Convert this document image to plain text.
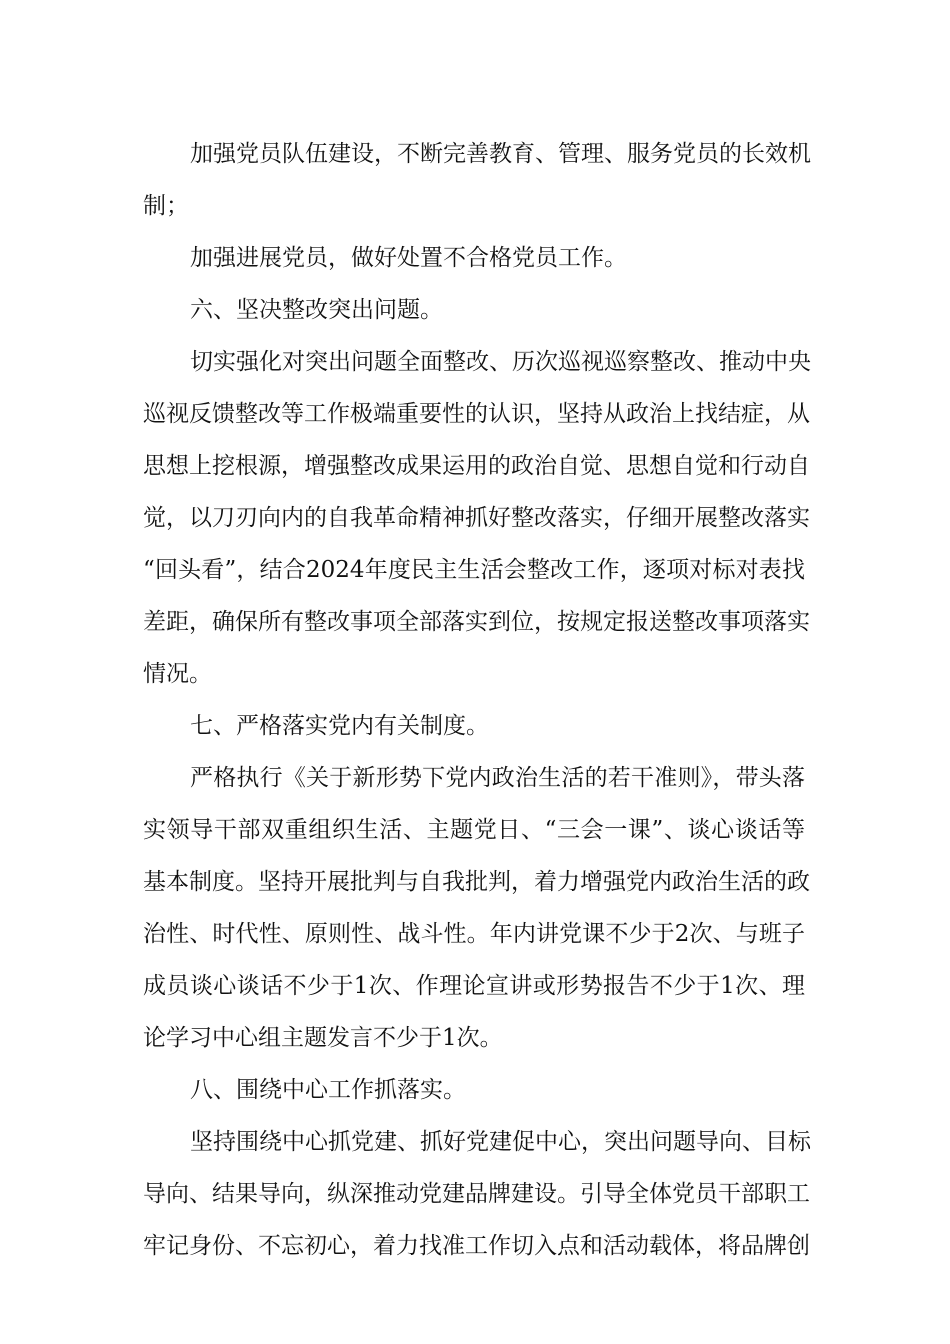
加强党员队伍建设，不断完善教育、管理、服务党员的长效机
制；
加强进展党员，做好处置不合格党员工作。
六、坚决整改突出问题。
切实强化对突出问题全面整改、历次巡视巡察整改、推动中央
巡视反馈整改等工作极端重要性的认识，坚持从政治上找结症，从
思想上挖根源，增强整改成果运用的政治自觉、思想自觉和行动自
觉，以刀刃向内的自我革命精神抓好整改落实，仔细开展整改落实
“回头看”，结合2024年度民主生活会整改工作，逐项对标对表找
差距，确保所有整改事项全部落实到位，按规定报送整改事项落实
情况。
七、严格落实党内有关制度。
严格执行《关于新形势下党内政治生活的若干准则》，带头落
实领导干部双重组织生活、主题党日、“三会一课”、谈心谈话等
基本制度。坚持开展批判与自我批判，着力增强党内政治生活的政
治性、时代性、原则性、战斗性。年内讲党课不少于2次、与班子
成员谈心谈话不少于1次、作理论宣讲或形势报告不少于1次、理
论学习中心组主题发言不少于1次。
八、围绕中心工作抓落实。
坚持围绕中心抓党建、抓好党建促中心，突出问题导向、目标
导向、结果导向，纵深推动党建品牌建设。引导全体党员干部职工
牢记身份、不忘初心，着力找准工作切入点和活动载体，将品牌创
